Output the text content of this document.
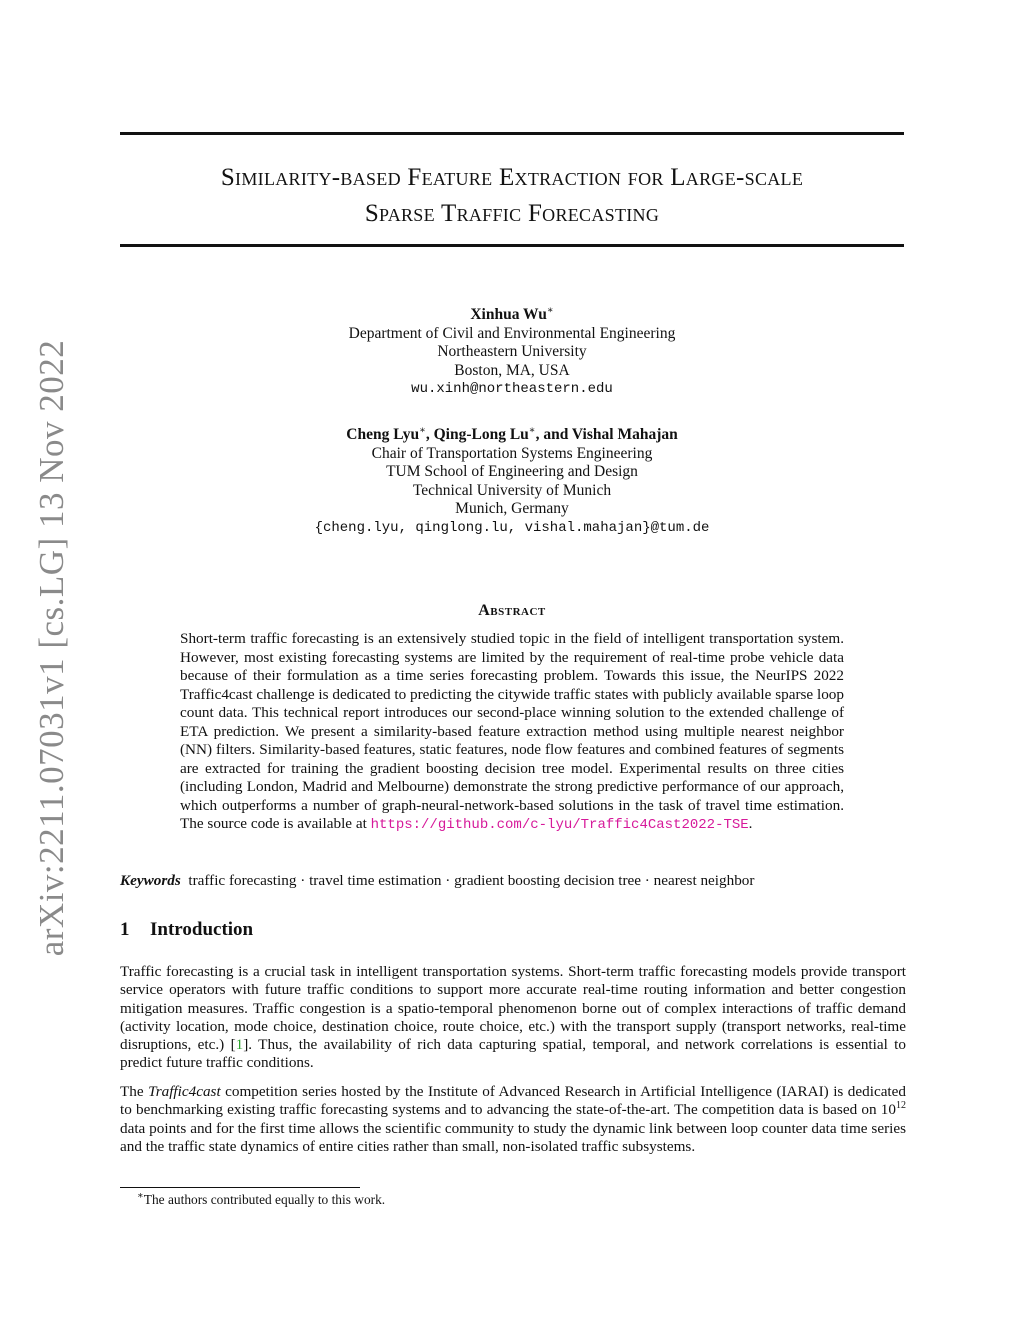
arXiv:2211.07031v1 [cs.LG] 13 Nov 2022
Similarity-based Feature Extraction for Large-scale
Sparse Traffic Forecasting
Xinhua Wu∗
Department of Civil and Environmental Engineering
Northeastern University
Boston, MA, USA
wu.xinh@northeastern.edu
Cheng Lyu∗, Qing-Long Lu∗, and Vishal Mahajan
Chair of Transportation Systems Engineering
TUM School of Engineering and Design
Technical University of Munich
Munich, Germany
{cheng.lyu, qinglong.lu, vishal.mahajan}@tum.de
Abstract
Short-term traffic forecasting is an extensively studied topic in the field of intelligent transportation system. However, most existing forecasting systems are limited by the requirement of real-time probe vehicle data because of their formulation as a time series forecasting problem. Towards this issue, the NeurIPS 2022 Traffic4cast challenge is dedicated to predicting the citywide traffic states with publicly available sparse loop count data. This technical report introduces our second-place winning solution to the extended challenge of ETA prediction. We present a similarity-based feature extraction method using multiple nearest neighbor (NN) filters. Similarity-based features, static features, node flow features and combined features of segments are extracted for training the gradient boosting decision tree model. Experimental results on three cities (including London, Madrid and Melbourne) demonstrate the strong predictive performance of our approach, which outperforms a number of graph-neural-network-based solutions in the task of travel time estimation. The source code is available at https://github.com/c-lyu/Traffic4Cast2022-TSE.
Keywords traffic forecasting · travel time estimation · gradient boosting decision tree · nearest neighbor
1 Introduction
Traffic forecasting is a crucial task in intelligent transportation systems. Short-term traffic forecasting models provide transport service operators with future traffic conditions to support more accurate real-time routing information and better congestion mitigation measures. Traffic congestion is a spatio-temporal phenomenon borne out of complex interactions of traffic demand (activity location, mode choice, destination choice, route choice, etc.) with the transport supply (transport networks, real-time disruptions, etc.) [1]. Thus, the availability of rich data capturing spatial, temporal, and network correlations is essential to predict future traffic conditions.
The Traffic4cast competition series hosted by the Institute of Advanced Research in Artificial Intelligence (IARAI) is dedicated to benchmarking existing traffic forecasting systems and to advancing the state-of-the-art. The competition data is based on $10^{12}$ data points and for the first time allows the scientific community to study the dynamic link between loop counter data time series and the traffic state dynamics of entire cities rather than small, non-isolated traffic subsystems.
∗The authors contributed equally to this work.
